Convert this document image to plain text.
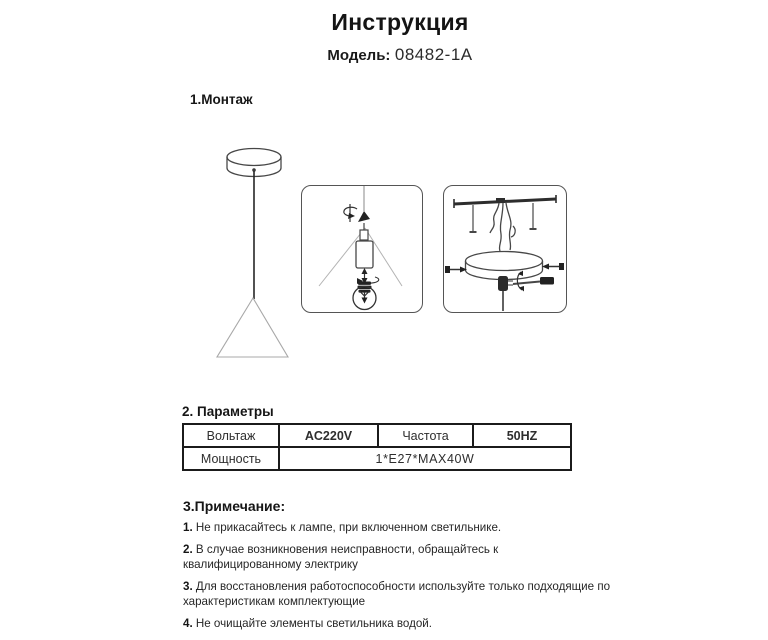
Инструкция
Модель: 08482-1A
1.Монтаж
2. Параметры
Вольтаж	AC220V	Частота	50HZ
Мощность	1*E27*MAX40W		
3.Примечание:

1. Не прикасайтесь к лампе, при включенном светильнике.

2. В случае возникновения неисправности, обращайтесь к квалифицированному электрику

3. Для восстановления работоспособности используйте только подходящие по характеристикам комплектующие

4. Не очищайте элементы светильника водой.
